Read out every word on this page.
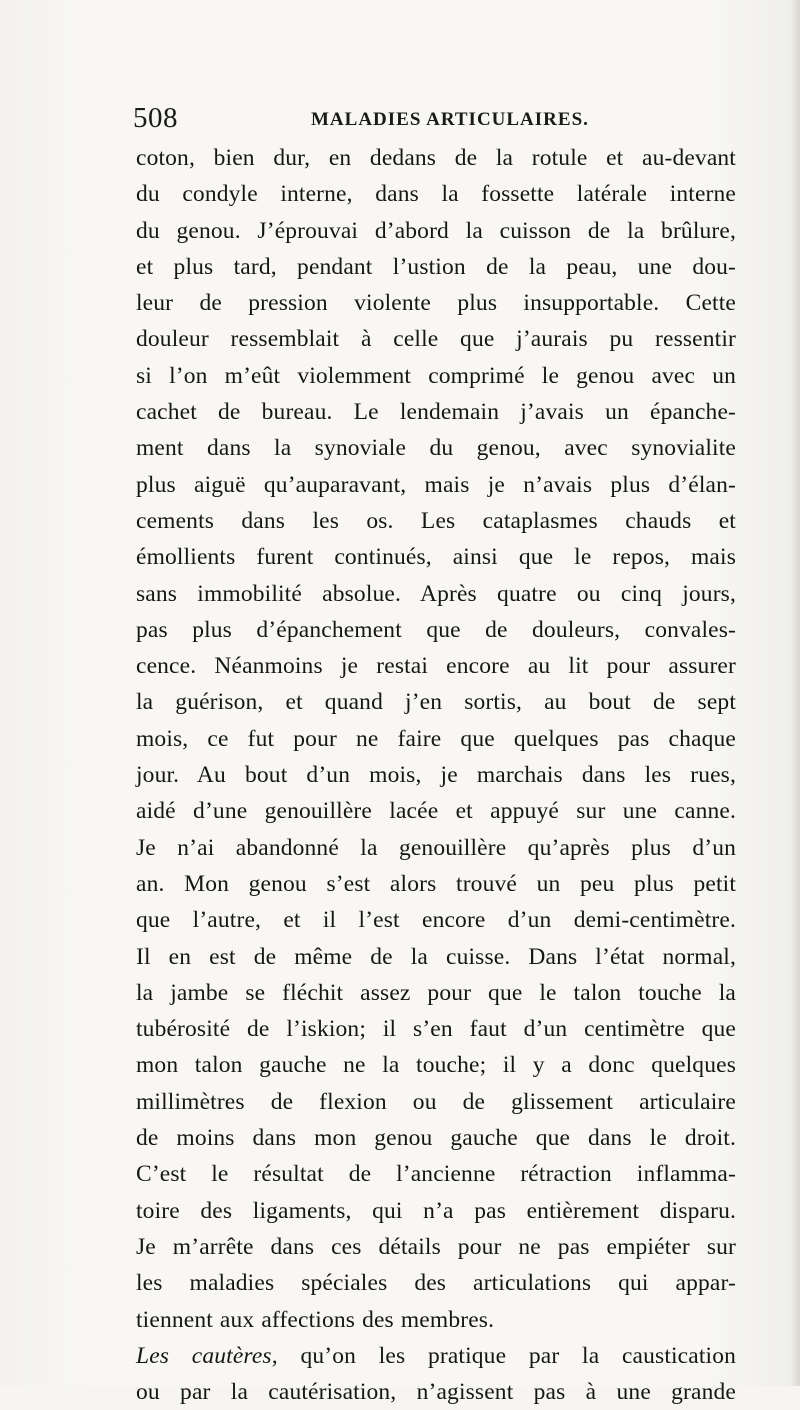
508	MALADIES ARTICULAIRES.
coton, bien dur, en dedans de la rotule et au-devant
du condyle interne, dans la fossette latérale interne
du genou. J’éprouvai d’abord la cuisson de la brûlure,
et plus tard, pendant l’ustion de la peau, une dou-
leur de pression violente plus insupportable. Cette
douleur ressemblait à celle que j’aurais pu ressentir
si l’on m’eût violemment comprimé le genou avec un
cachet de bureau. Le lendemain j’avais un épanche-
ment dans la synoviale du genou, avec synovialite
plus aiguë qu’auparavant, mais je n’avais plus d’élan-
cements dans les os. Les cataplasmes chauds et
émollients furent continués, ainsi que le repos, mais
sans immobilité absolue. Après quatre ou cinq jours,
pas plus d’épanchement que de douleurs, convales-
cence. Néanmoins je restai encore au lit pour assurer
la guérison, et quand j’en sortis, au bout de sept
mois, ce fut pour ne faire que quelques pas chaque
jour. Au bout d’un mois, je marchais dans les rues,
aidé d’une genouillère lacée et appuyé sur une canne.
Je n’ai abandonné la genouillère qu’après plus d’un
an. Mon genou s’est alors trouvé un peu plus petit
que l’autre, et il l’est encore d’un demi-centimètre.
Il en est de même de la cuisse. Dans l’état normal,
la jambe se fléchit assez pour que le talon touche la
tubérosité de l’iskion; il s’en faut d’un centimètre que
mon talon gauche ne la touche; il y a donc quelques
millimètres de flexion ou de glissement articulaire
de moins dans mon genou gauche que dans le droit.
C’est le résultat de l’ancienne rétraction inflamma-
toire des ligaments, qui n’a pas entièrement disparu.
Je m’arrête dans ces détails pour ne pas empiéter sur
les maladies spéciales des articulations qui appar-
tiennent aux affections des membres.
Les cautères, qu’on les pratique par la caustication
ou par la cautérisation, n’agissent pas à une grande
